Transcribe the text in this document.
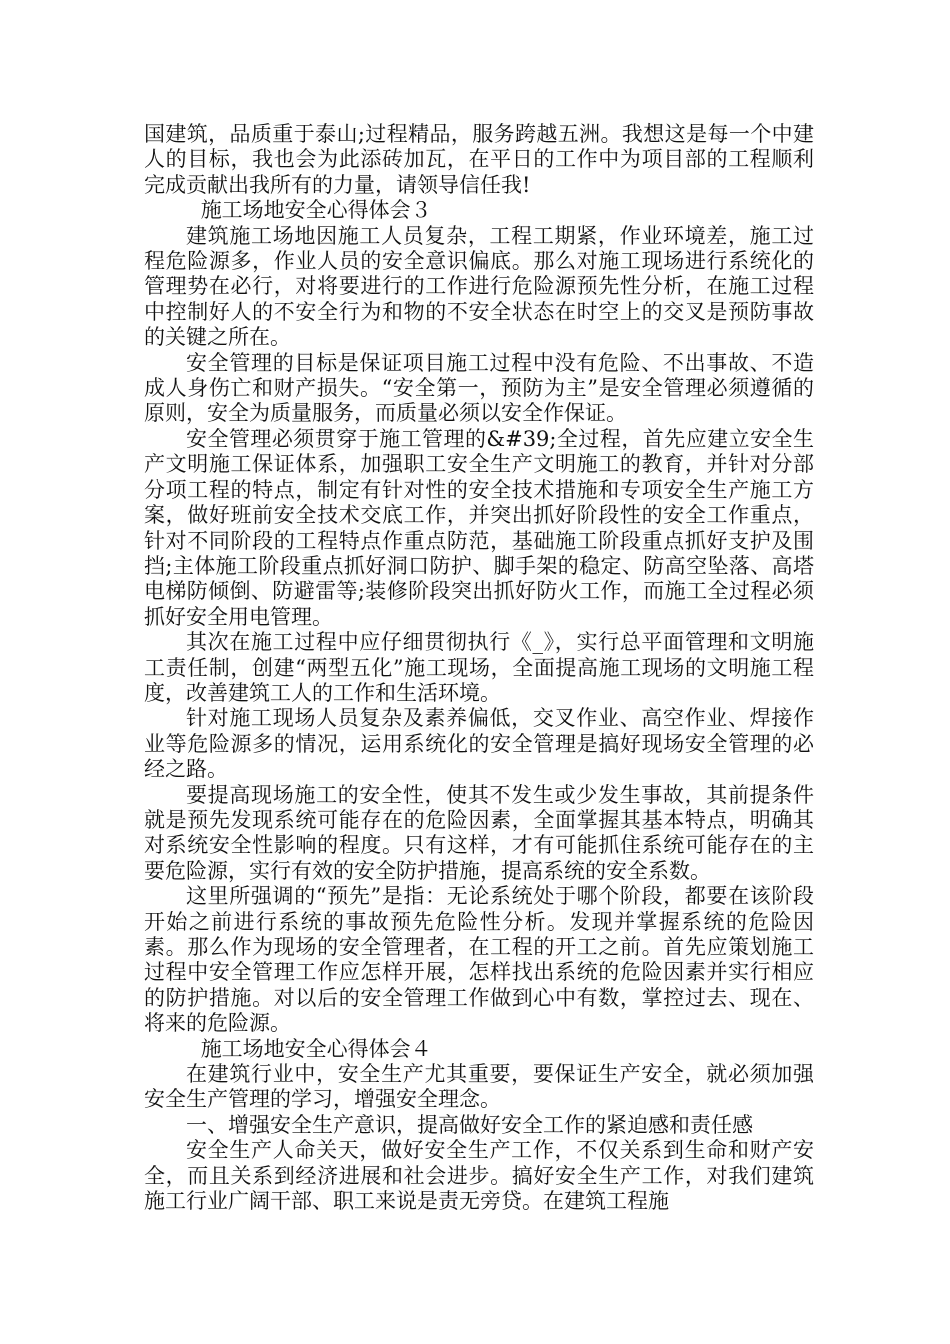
国建筑，品质重于泰山;过程精品，服务跨越五洲。我想这是每一个中建人的目标，我也会为此添砖加瓦，在平日的工作中为项目部的工程顺利完成贡献出我所有的力量，请领导信任我!

施工场地安全心得体会３

建筑施工场地因施工人员复杂，工程工期紧，作业环境差，施工过程危险源多，作业人员的安全意识偏底。那么对施工现场进行系统化的管理势在必行，对将要进行的工作进行危险源预先性分析，在施工过程中控制好人的不安全行为和物的不安全状态在时空上的交叉是预防事故的关键之所在。

安全管理的目标是保证项目施工过程中没有危险、不出事故、不造成人身伤亡和财产损失。“安全第一，预防为主”是安全管理必须遵循的原则，安全为质量服务，而质量必须以安全作保证。

安全管理必须贯穿于施工管理的&#39;全过程，首先应建立安全生产文明施工保证体系，加强职工安全生产文明施工的教育，并针对分部分项工程的特点，制定有针对性的安全技术措施和专项安全生产施工方案，做好班前安全技术交底工作，并突出抓好阶段性的安全工作重点，针对不同阶段的工程特点作重点防范，基础施工阶段重点抓好支护及围挡;主体施工阶段重点抓好洞口防护、脚手架的稳定、防高空坠落、高塔电梯防倾倒、防避雷等;装修阶段突出抓好防火工作，而施工全过程必须抓好安全用电管理。

其次在施工过程中应仔细贯彻执行《_》，实行总平面管理和文明施工责任制，创建“两型五化”施工现场，全面提高施工现场的文明施工程度，改善建筑工人的工作和生活环境。

针对施工现场人员复杂及素养偏低，交叉作业、高空作业、焊接作业等危险源多的情况，运用系统化的安全管理是搞好现场安全管理的必经之路。

要提高现场施工的安全性，使其不发生或少发生事故，其前提条件就是预先发现系统可能存在的危险因素，全面掌握其基本特点，明确其对系统安全性影响的程度。只有这样，才有可能抓住系统可能存在的主要危险源，实行有效的安全防护措施，提高系统的安全系数。

这里所强调的“预先”是指：无论系统处于哪个阶段，都要在该阶段开始之前进行系统的事故预先危险性分析。发现并掌握系统的危险因素。那么作为现场的安全管理者，在工程的开工之前。首先应策划施工过程中安全管理工作应怎样开展，怎样找出系统的危险因素并实行相应的防护措施。对以后的安全管理工作做到心中有数，掌控过去、现在、将来的危险源。

施工场地安全心得体会４

在建筑行业中，安全生产尤其重要，要保证生产安全，就必须加强安全生产管理的学习，增强安全理念。

一、增强安全生产意识，提高做好安全工作的紧迫感和责任感

安全生产人命关天，做好安全生产工作，不仅关系到生命和财产安全，而且关系到经济进展和社会进步。搞好安全生产工作，对我们建筑施工行业广阔干部、职工来说是责无旁贷。在建筑工程施
